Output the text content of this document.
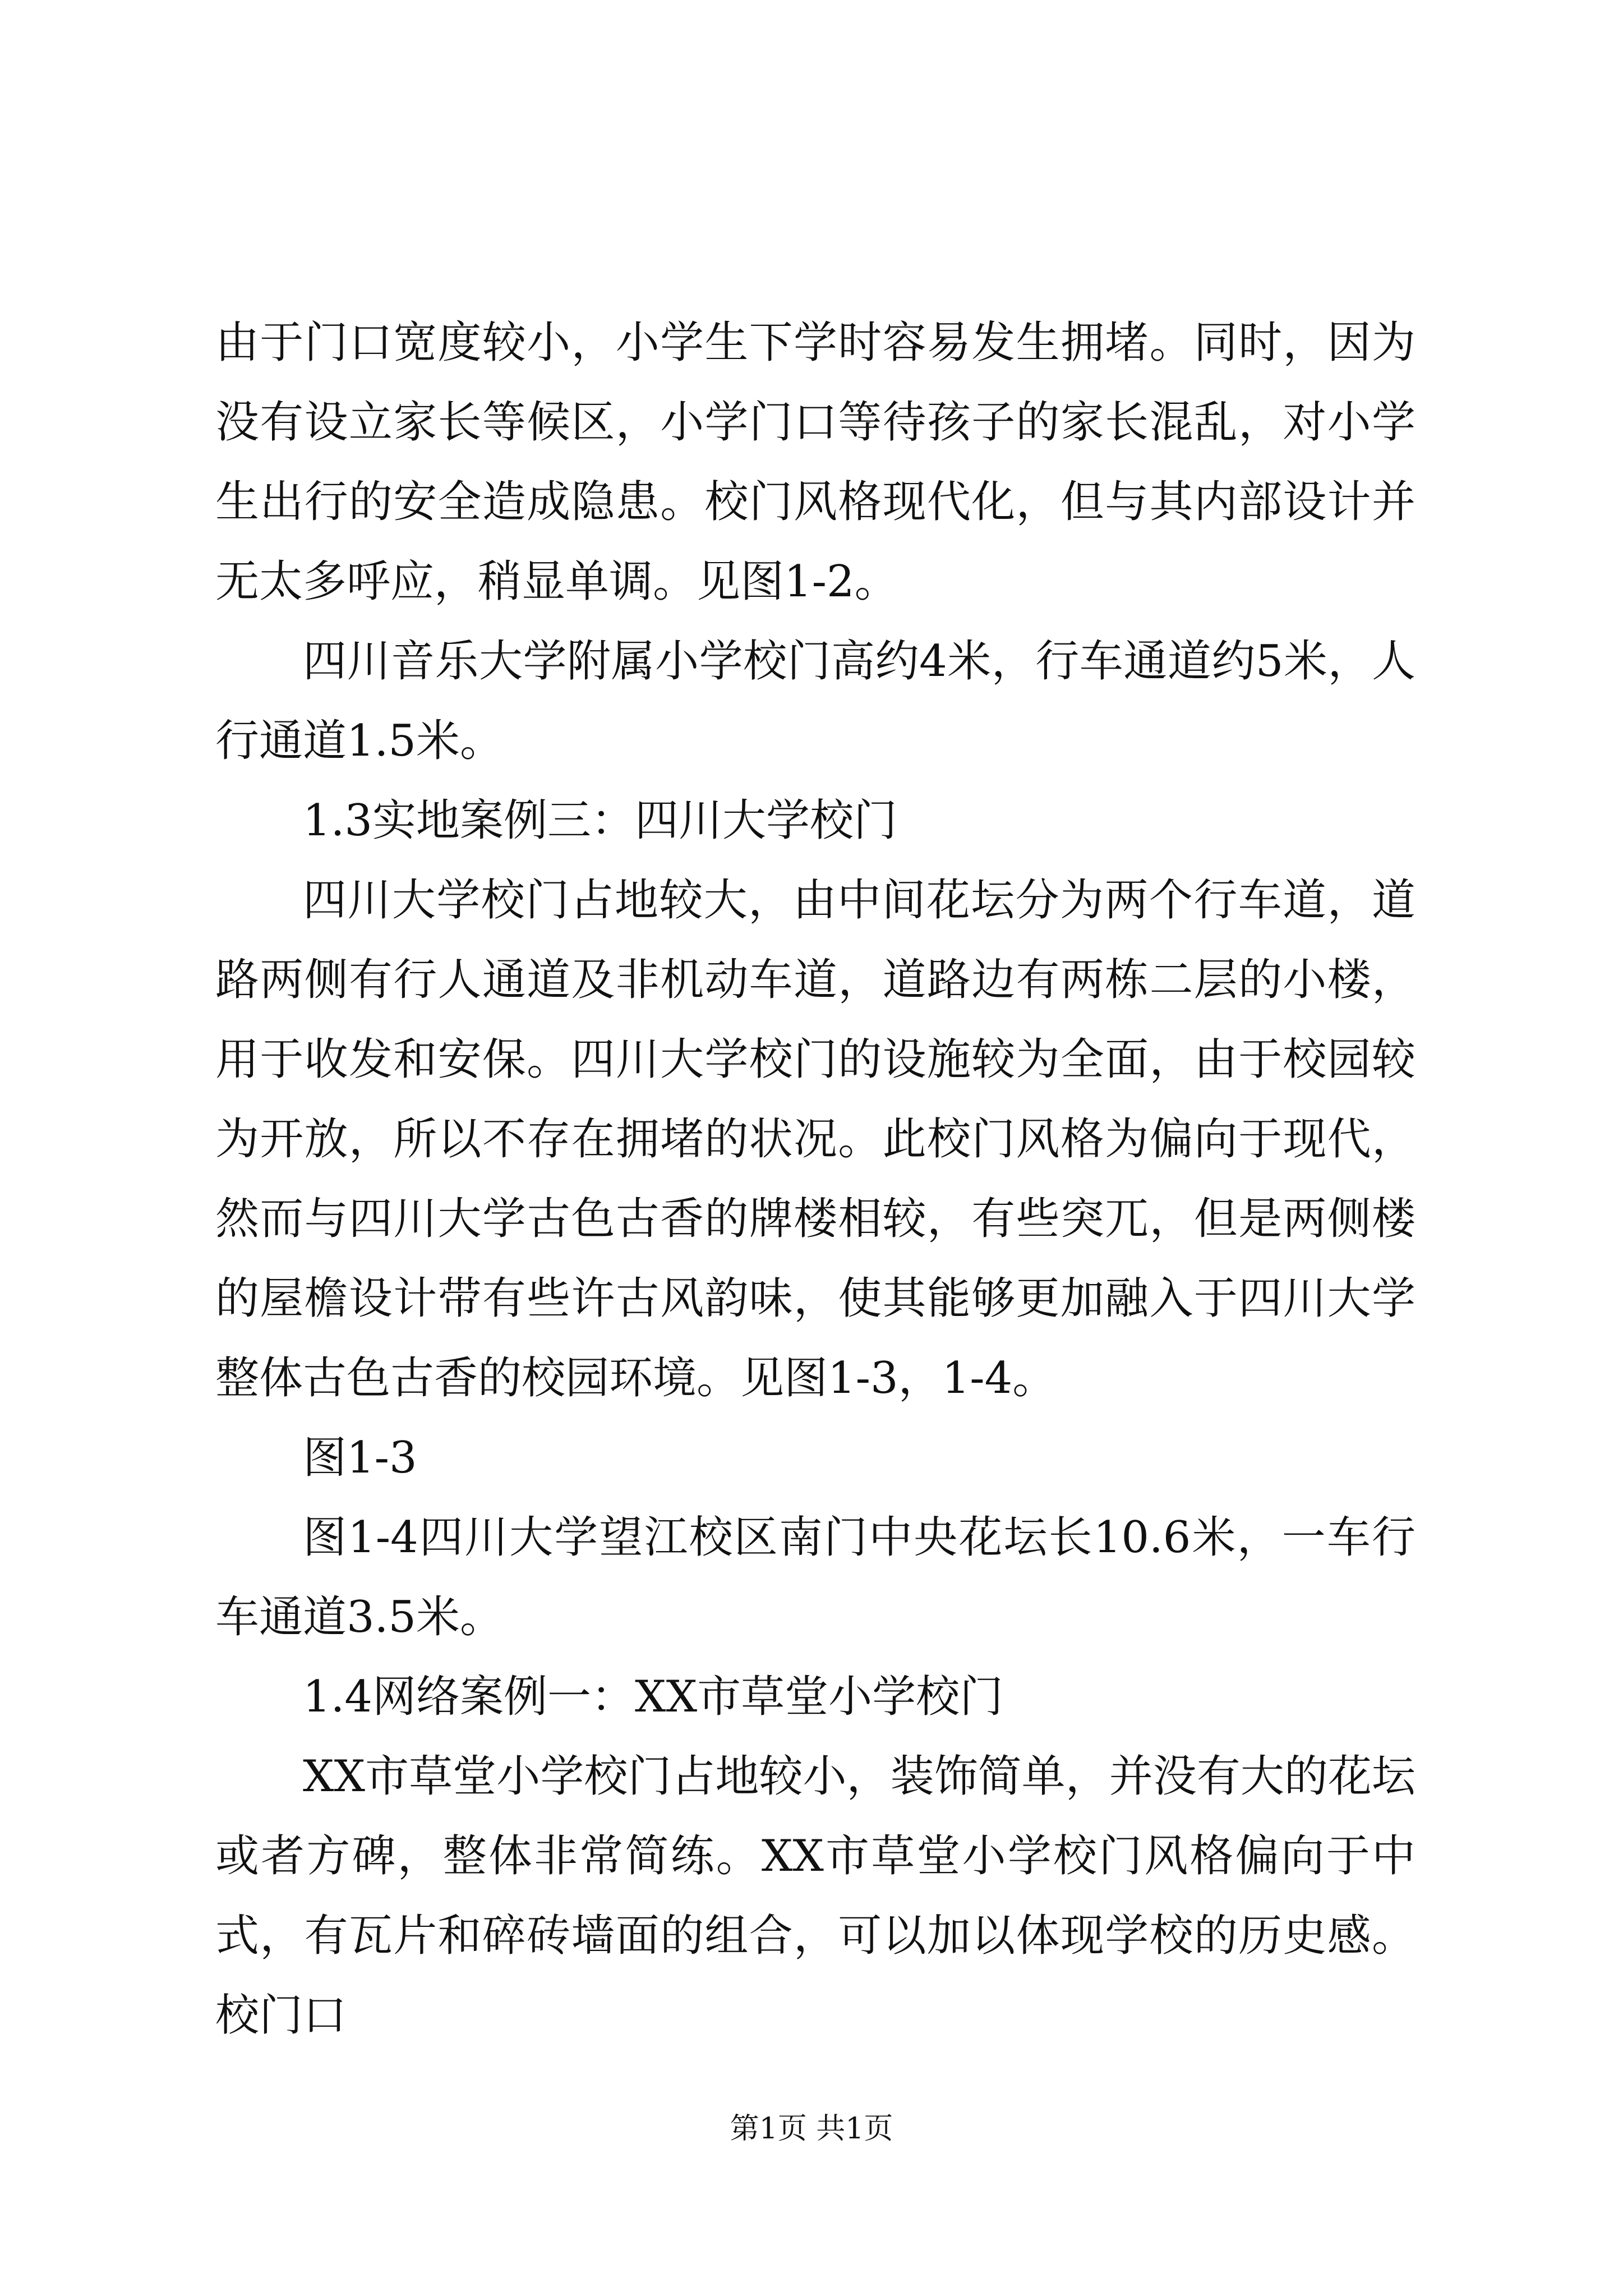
由于门口宽度较小，小学生下学时容易发生拥堵。同时，因为没有设立家长等候区，小学门口等待孩子的家长混乱，对小学生出行的安全造成隐患。校门风格现代化，但与其内部设计并无太多呼应，稍显单调。见图1-2。

四川音乐大学附属小学校门高约4米，行车通道约5米，人行通道1.5米。

1.3实地案例三：四川大学校门

四川大学校门占地较大，由中间花坛分为两个行车道，道路两侧有行人通道及非机动车道，道路边有两栋二层的小楼，用于收发和安保。四川大学校门的设施较为全面，由于校园较为开放，所以不存在拥堵的状况。此校门风格为偏向于现代，然而与四川大学古色古香的牌楼相较，有些突兀，但是两侧楼的屋檐设计带有些许古风韵味，使其能够更加融入于四川大学整体古色古香的校园环境。见图1-3，1-4。

图1-3

图1-4四川大学望江校区南门中央花坛长10.6米，一车行车通道3.5米。

1.4网络案例一：XX市草堂小学校门

XX市草堂小学校门占地较小，装饰简单，并没有大的花坛或者方碑，整体非常简练。XX市草堂小学校门风格偏向于中式，有瓦片和碎砖墙面的组合，可以加以体现学校的历史感。校门口

第1页 共1页
